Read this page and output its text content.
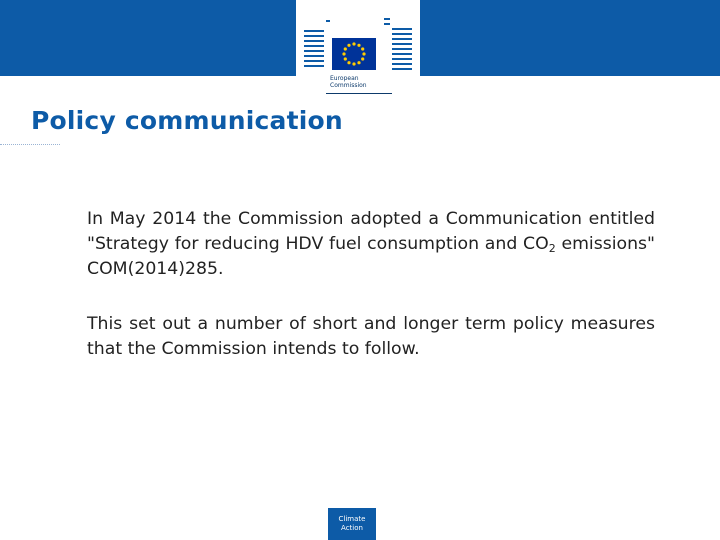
European
Commission
Policy communication
In May 2014 the Commission adopted a Communication entitled "Strategy for reducing HDV fuel consumption and $CO_2$ emissions" COM(2014)285.
This set out a number of short and longer term policy measures that the Commission intends to follow.
Climate
Action
